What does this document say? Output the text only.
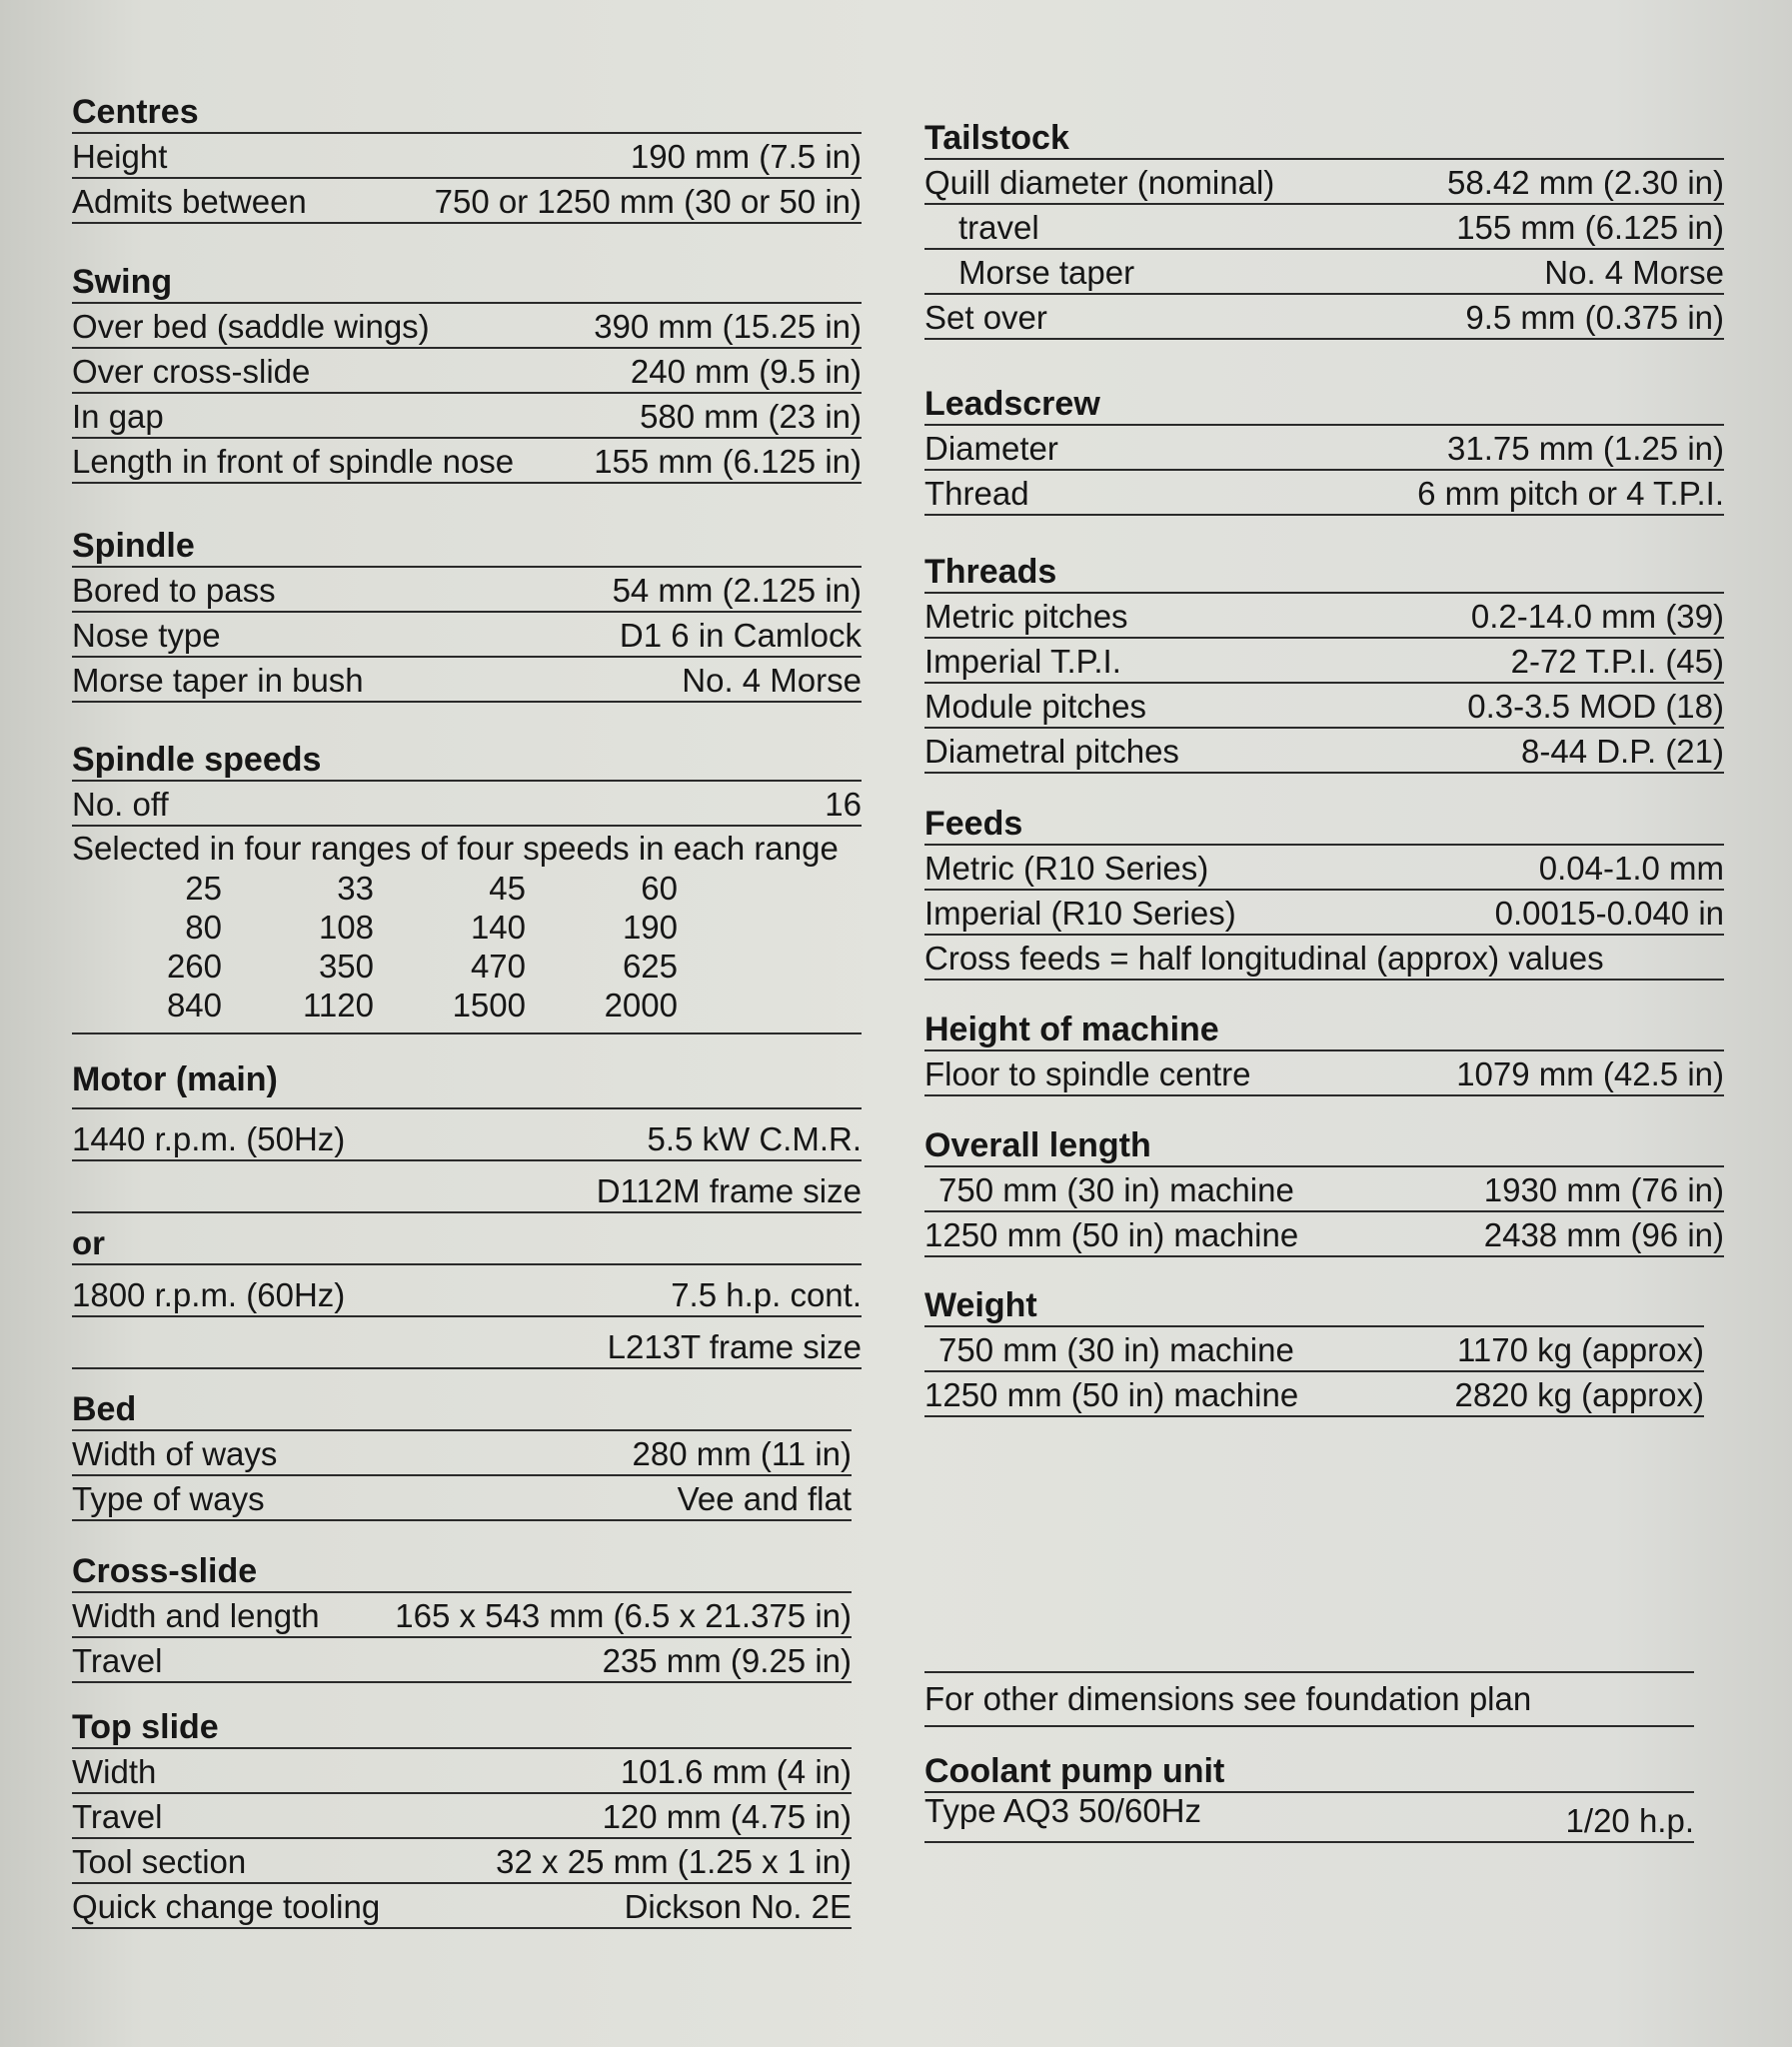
Centres
Height	190 mm (7.5 in)
Admits between	750 or 1250 mm (30 or 50 in)
Swing
Over bed (saddle wings)	390 mm (15.25 in)
Over cross-slide	240 mm (9.5 in)
In gap	580 mm (23 in)
Length in front of spindle nose 155 mm (6.125 in)
Spindle
Bored to pass	54 mm (2.125 in)
Nose type	D1 6 in Camlock
Morse taper in bush	No. 4 Morse
Spindle speeds
No. off	16
Selected in four ranges of four speeds in each range
25	33	45	60
80	108	140	190
260	350	470	625
840	1120	1500	2000
Motor (main)
1440 r.p.m. (50Hz)	5.5 kW C.M.R.
D112M frame size
or
1800 r.p.m. (60Hz)	7.5 h.p. cont.
L213T frame size
Bed
Width of ways	280 mm (11 in)
Type of ways	Vee and flat
Cross-slide
Width and length 165 x 543 mm (6.5 x 21.375 in)
Travel	235 mm (9.25 in)
Top slide
Width	101.6 mm (4 in)
Travel	120 mm (4.75 in)
Tool section	32 x 25 mm (1.25 x 1 in)
Quick change tooling	Dickson No. 2E
Tailstock
Quill diameter (nominal)	58.42 mm (2.30 in)
travel	155 mm (6.125 in)
Morse taper	No. 4 Morse
Set over	9.5 mm (0.375 in)
Leadscrew
Diameter	31.75 mm (1.25 in)
Thread	6 mm pitch or 4 T.P.I.
Threads
Metric pitches	0.2-14.0 mm (39)
Imperial T.P.I.	2-72 T.P.I. (45)
Module pitches	0.3-3.5 MOD (18)
Diametral pitches	8-44 D.P. (21)
Feeds
Metric (R10 Series)	0.04-1.0 mm
Imperial (R10 Series)	0.0015-0.040 in
Cross feeds = half longitudinal (approx) values
Height of machine
Floor to spindle centre	1079 mm (42.5 in)
Overall length
750 mm (30 in) machine	1930 mm (76 in)
1250 mm (50 in) machine	2438 mm (96 in)
Weight
750 mm (30 in) machine	1170 kg (approx)
1250 mm (50 in) machine	2820 kg (approx)
For other dimensions see foundation plan
Coolant pump unit
Type AQ3 50/60Hz	1/20 h.p.
